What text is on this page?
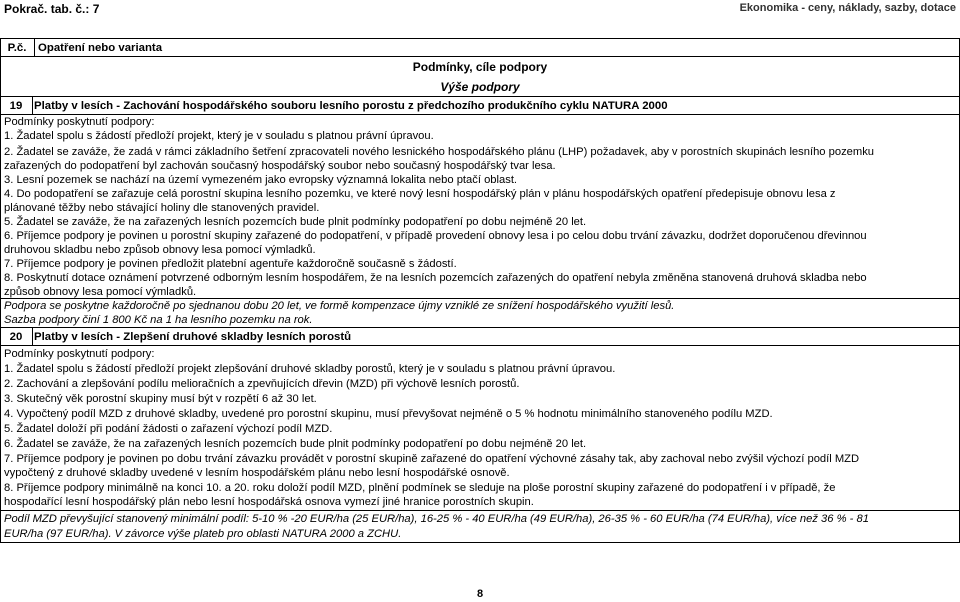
Pokrač. tab. č.: 7	Ekonomika - ceny, náklady, sazby, dotace
P.č.	Opatření nebo varianta
Podmínky, cíle podpory
Výše podpory
19	Platby v lesích - Zachování hospodářského souboru lesního porostu z předchozího produkčního cyklu NATURA 2000
Podmínky poskytnutí podpory:
1. Žadatel spolu s žádostí předloží projekt, který je v souladu s platnou právní úpravou.
2. Žadatel se zaváže, že zadá v rámci základního šetření zpracovateli nového lesnického hospodářského plánu (LHP) požadavek, aby v porostních skupinách lesního pozemku
zařazených do podopatření byl zachován současný hospodářský soubor nebo současný hospodářský tvar lesa.
3. Lesní pozemek se nachází na území vymezeném jako evropsky významná lokalita nebo ptačí oblast.
4. Do podopatření se zařazuje celá porostní skupina lesního pozemku, ve které nový lesní hospodářský plán v plánu hospodářských opatření předepisuje obnovu lesa z
plánované těžby nebo stávající holiny dle stanovených pravidel.
5. Žadatel se zaváže, že na zařazených lesních pozemcích bude plnit podmínky podopatření po dobu nejméně 20 let.
6. Příjemce podpory je povinen u porostní skupiny zařazené do podopatření, v případě provedení obnovy lesa i po celou dobu trvání závazku, dodržet doporučenou dřevinnou
druhovou skladbu nebo způsob obnovy lesa pomocí výmladků.
7. Příjemce podpory je povinen předložit platební agentuře každoročně současně s žádostí.
8. Poskytnutí dotace oznámení potvrzené odborným lesním hospodářem, že na lesních pozemcích zařazených do opatření nebyla změněna stanovená druhová skladba nebo
způsob obnovy lesa pomocí výmladků.
Podpora se poskytne každoročně po sjednanou dobu 20 let, ve formě kompenzace újmy vzniklé ze snížení hospodářského využití lesů.
Sazba podpory činí 1 800 Kč na 1 ha lesního pozemku na rok.
20	Platby v lesích - Zlepšení druhové skladby lesních porostů
Podmínky poskytnutí podpory:
1. Žadatel spolu s žádostí předloží projekt zlepšování druhové skladby porostů, který je v souladu s platnou právní úpravou.
2. Zachování a zlepšování podílu melioračních a zpevňujících dřevin (MZD) při výchově lesních porostů.
3. Skutečný věk porostní skupiny musí být v rozpětí 6 až 30 let.
4. Vypočtený podíl MZD z druhové skladby, uvedené pro porostní skupinu, musí převyšovat nejméně o 5 % hodnotu minimálního stanoveného podílu MZD.
5. Žadatel doloží při podání žádosti o zařazení výchozí podíl MZD.
6. Žadatel se zaváže, že na zařazených lesních pozemcích bude plnit podmínky podopatření po dobu nejméně 20 let.
7. Příjemce podpory je povinen po dobu trvání závazku provádět v porostní skupině zařazené do opatření výchovné zásahy tak, aby zachoval nebo zvýšil výchozí podíl MZD
vypočtený z druhové skladby uvedené v lesním hospodářském plánu nebo lesní hospodářské osnově.
8. Příjemce podpory minimálně na konci 10. a 20. roku doloží podíl MZD, plnění podmínek se sleduje na ploše porostní skupiny zařazené do podopatření i v případě, že
hospodařící lesní hospodářský plán nebo lesní hospodářská osnova vymezí jiné hranice porostních skupin.
Podíl MZD převyšující stanovený minimální podíl: 5-10 % -20 EUR/ha (25 EUR/ha), 16-25 % - 40 EUR/ha (49 EUR/ha), 26-35 % - 60 EUR/ha (74 EUR/ha), více než 36 % - 81
EUR/ha (97 EUR/ha). V závorce výše plateb pro oblasti NATURA 2000 a ZCHU.
8
